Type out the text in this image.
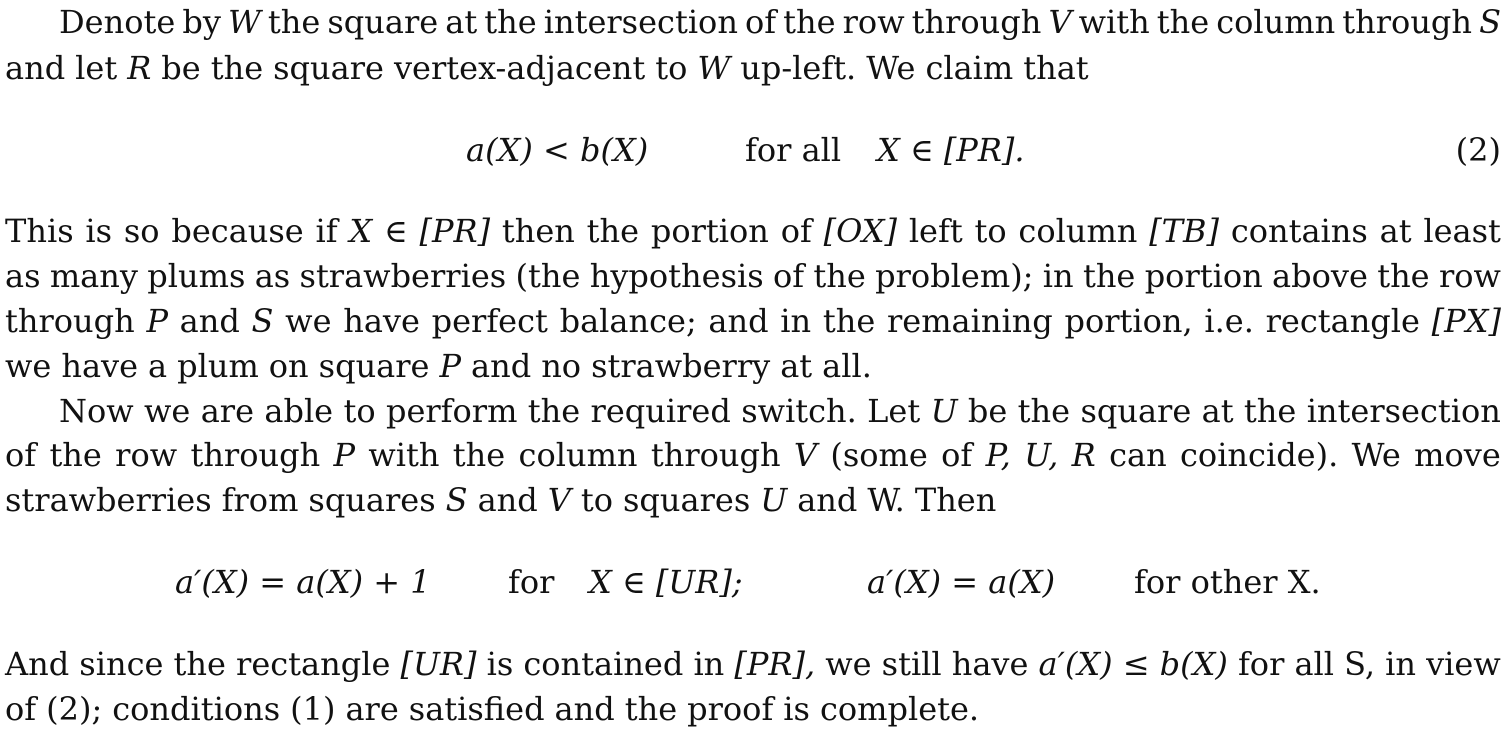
Denote by W the square at the intersection of the row through V with the column through S
and let R be the square vertex-adjacent to W up-left. We claim that
a(X) < b(X)	for all X ∈ [PR].	(2)
This is so because if X ∈ [PR] then the portion of [OX] left to column [TB] contains at least
as many plums as strawberries (the hypothesis of the problem); in the portion above the row
through P and S we have perfect balance; and in the remaining portion, i.e. rectangle [PX]
we have a plum on square P and no strawberry at all.
Now we are able to perform the required switch. Let U be the square at the intersection
of the row through P with the column through V (some of P, U, R can coincide). We move
strawberries from squares S and V to squares U and W. Then
a′(X) = a(X) + 1 for X ∈ [UR];	a′(X) = a(X) for other X.
And since the rectangle [UR] is contained in [PR], we still have a′(X) ≤ b(X) for all S, in view
of (2); conditions (1) are satisfied and the proof is complete.
